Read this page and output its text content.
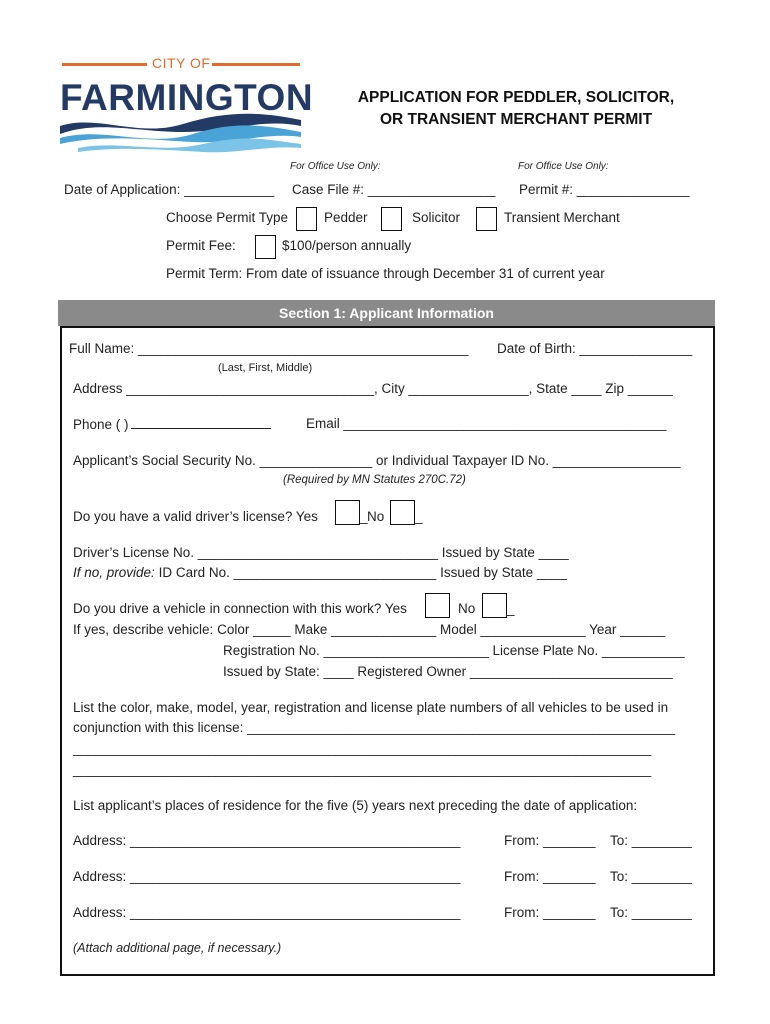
CITY OF
FARMINGTON	APPLICATION FOR PEDDLER, SOLICITOR,
OR TRANSIENT MERCHANT PERMIT
For Office Use Only:	For Office Use Only:
Date of Application: ____________ Case File #: _________________ Permit #: _______________
Choose Permit Type	Pedder	Solicitor	Transient Merchant
Permit Fee:	$100/person annually
Permit Term: From date of issuance through December 31 of current year
Section 1: Applicant Information
Full Name: ____________________________________________ Date of Birth: _______________
(Last, First, Middle)
Address _________________________________, City ________________, State ____ Zip ______
Phone ( )	Email ___________________________________________
Applicant’s Social Security No. _______________ or Individual Taxpayer ID No. _________________
(Required by MN Statutes 270C.72)
Do you have a valid driver’s license? Yes	_ No _
Driver’s License No. ________________________________ Issued by State ____
If no, provide: ID Card No. ___________________________ Issued by State ____
Do you drive a vehicle in connection with this work? Yes	No _
If yes, describe vehicle: Color _____ Make ______________ Model ______________ Year ______
Registration No. ______________________ License Plate No. ___________
Issued by State: ____ Registered Owner ___________________________
List the color, make, model, year, registration and license plate numbers of all vehicles to be used in
conjunction with this license: _________________________________________________________
_____________________________________________________________________________
_____________________________________________________________________________
List applicant’s places of residence for the five (5) years next preceding the date of application:
Address: ____________________________________________	From: _______ To: ________
Address: ____________________________________________	From: _______ To: ________
Address: ____________________________________________	From: _______ To: ________
(Attach additional page, if necessary.)
